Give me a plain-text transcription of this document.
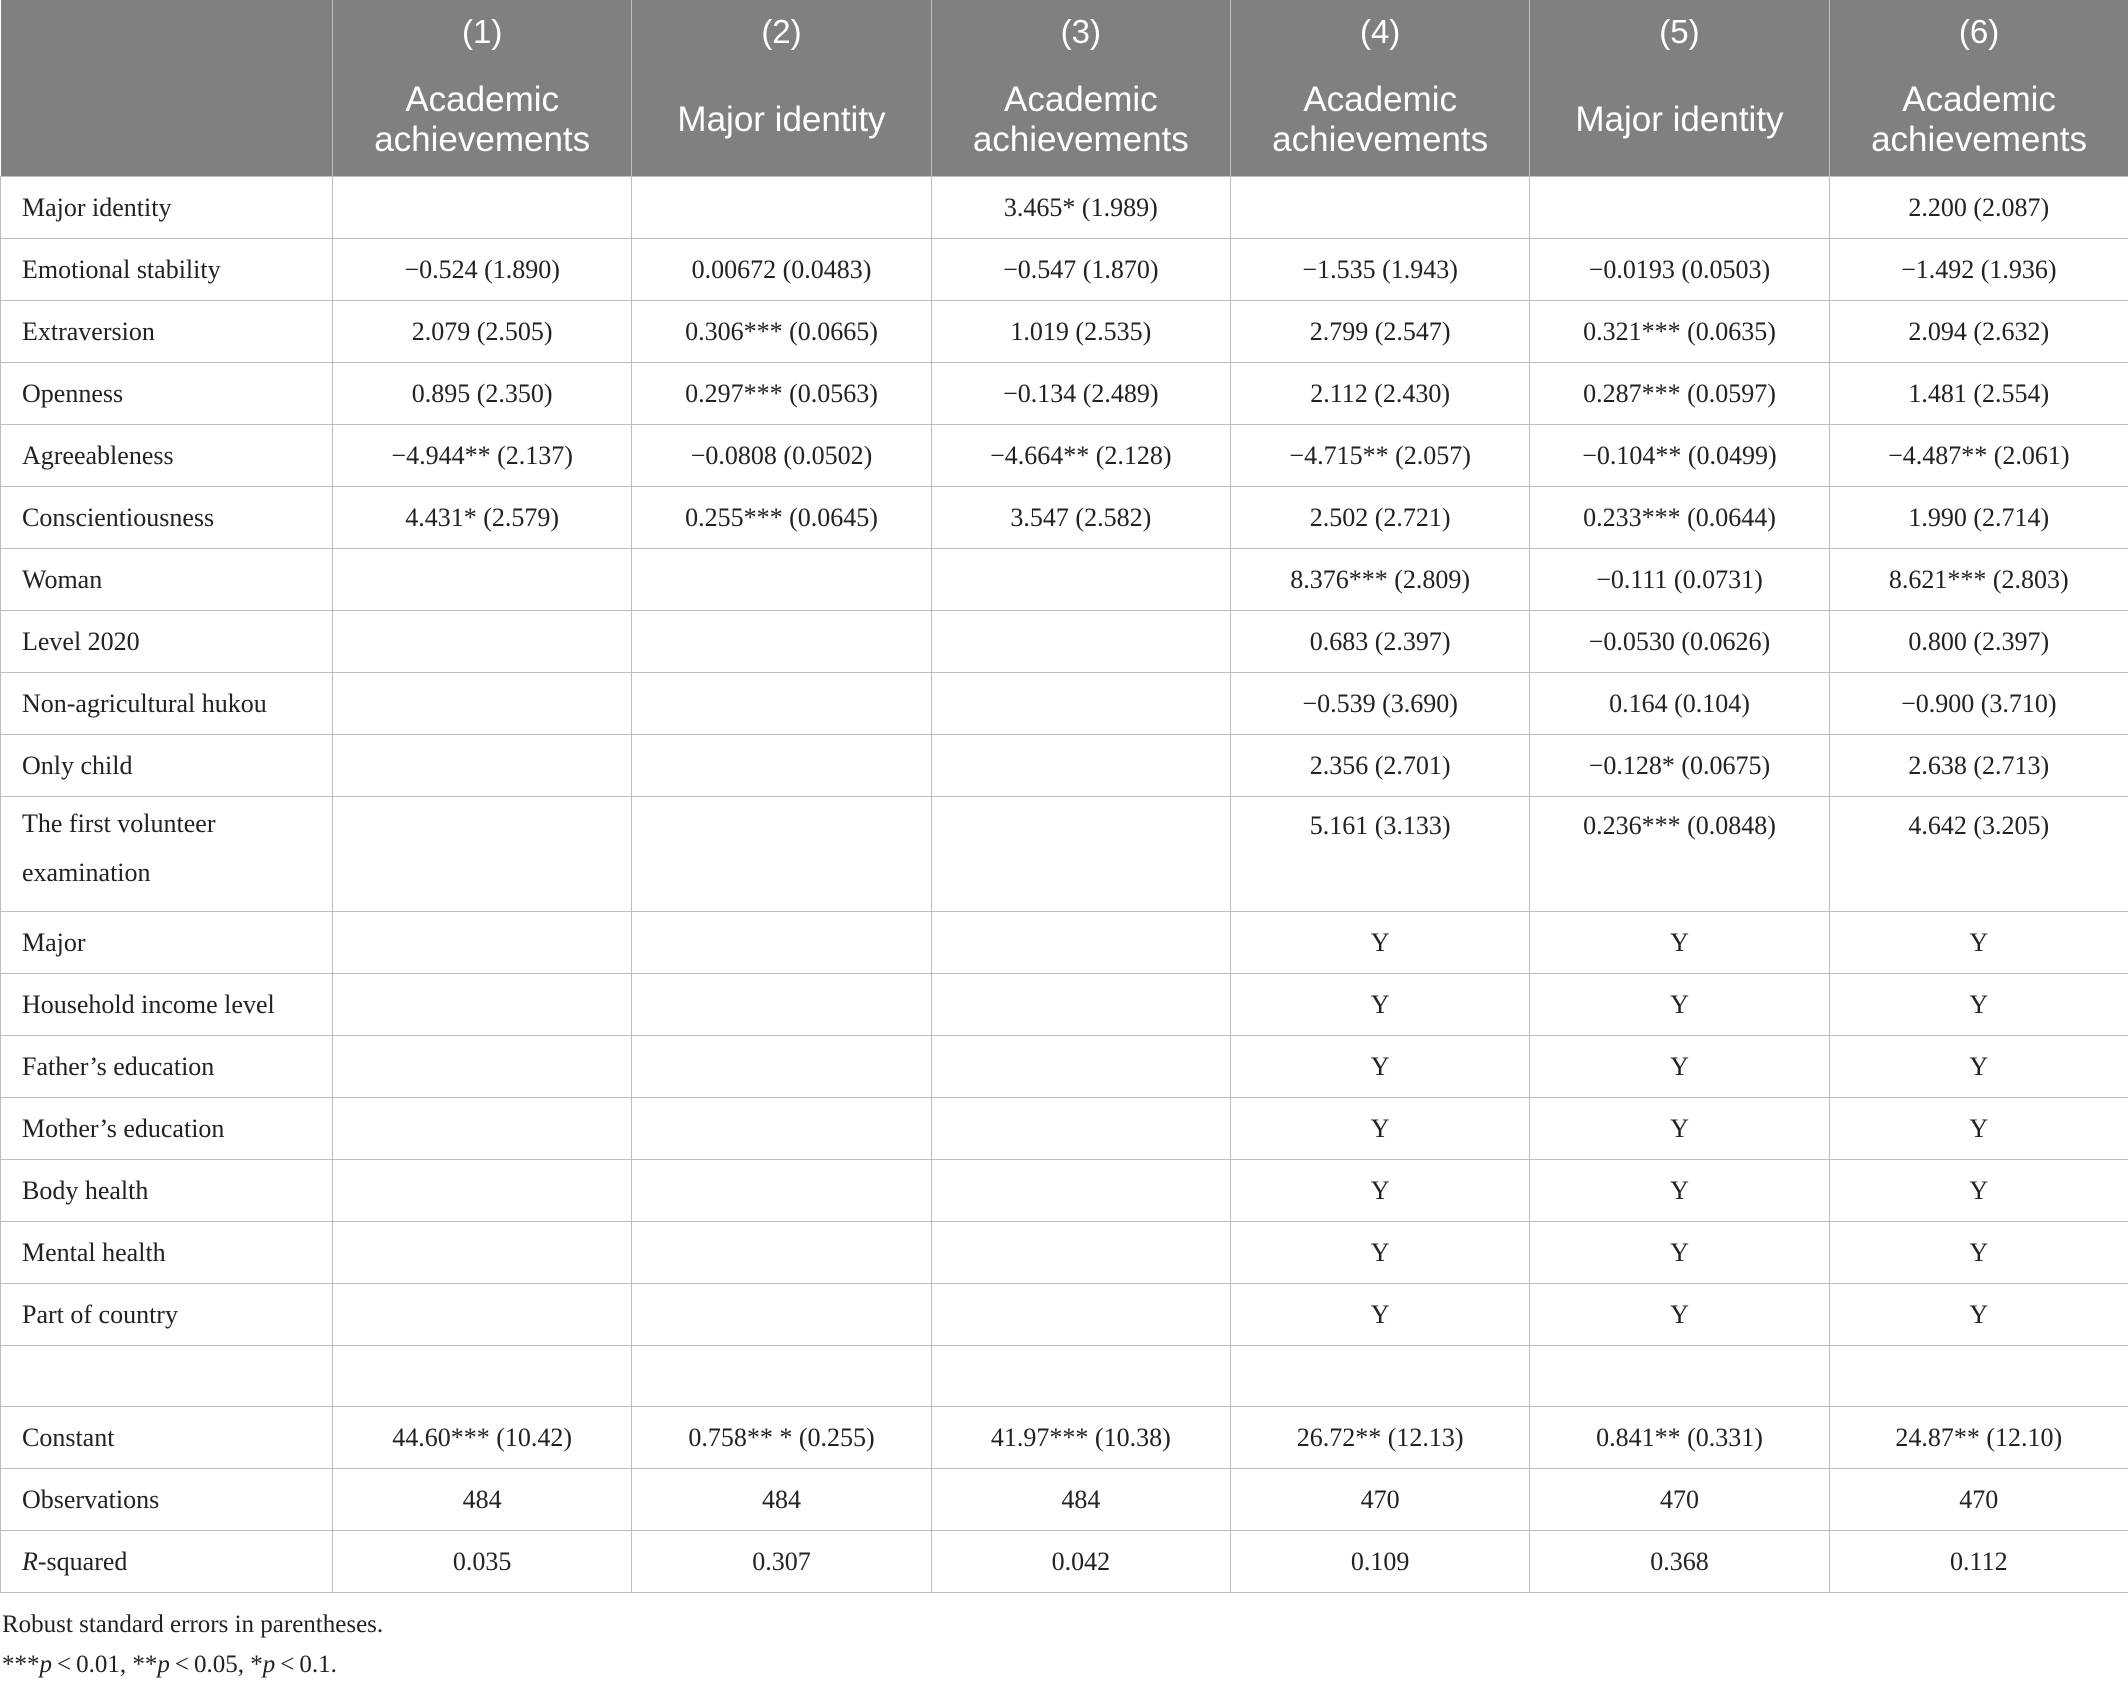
	(1)	(2)	(3)	(4)	(5)	(6)
	Academic achievements	Major identity	Academic achievements	Academic achievements	Major identity	Academic achievements
Major identity			3.465* (1.989)			2.200 (2.087)
Emotional stability	−0.524 (1.890)	0.00672 (0.0483)	−0.547 (1.870)	−1.535 (1.943)	−0.0193 (0.0503)	−1.492 (1.936)
Extraversion	2.079 (2.505)	0.306*** (0.0665)	1.019 (2.535)	2.799 (2.547)	0.321*** (0.0635)	2.094 (2.632)
Openness	0.895 (2.350)	0.297*** (0.0563)	−0.134 (2.489)	2.112 (2.430)	0.287*** (0.0597)	1.481 (2.554)
Agreeableness	−4.944** (2.137)	−0.0808 (0.0502)	−4.664** (2.128)	−4.715** (2.057)	−0.104** (0.0499)	−4.487** (2.061)
Conscientiousness	4.431* (2.579)	0.255*** (0.0645)	3.547 (2.582)	2.502 (2.721)	0.233*** (0.0644)	1.990 (2.714)
Woman				8.376*** (2.809)	−0.111 (0.0731)	8.621*** (2.803)
Level 2020				0.683 (2.397)	−0.0530 (0.0626)	0.800 (2.397)
Non-agricultural hukou				−0.539 (3.690)	0.164 (0.104)	−0.900 (3.710)
Only child				2.356 (2.701)	−0.128* (0.0675)	2.638 (2.713)
The first volunteer examination				5.161 (3.133)	0.236*** (0.0848)	4.642 (3.205)
Major				Y	Y	Y
Household income level				Y	Y	Y
Father’s education				Y	Y	Y
Mother’s education				Y	Y	Y
Body health				Y	Y	Y
Mental health				Y	Y	Y
Part of country				Y	Y	Y

Constant	44.60*** (10.42)	0.758** * (0.255)	41.97*** (10.38)	26.72** (12.13)	0.841** (0.331)	24.87** (12.10)
Observations	484	484	484	470	470	470
R-squared	0.035	0.307	0.042	0.109	0.368	0.112
Robust standard errors in parentheses.
***p < 0.01, **p < 0.05, *p < 0.1.
